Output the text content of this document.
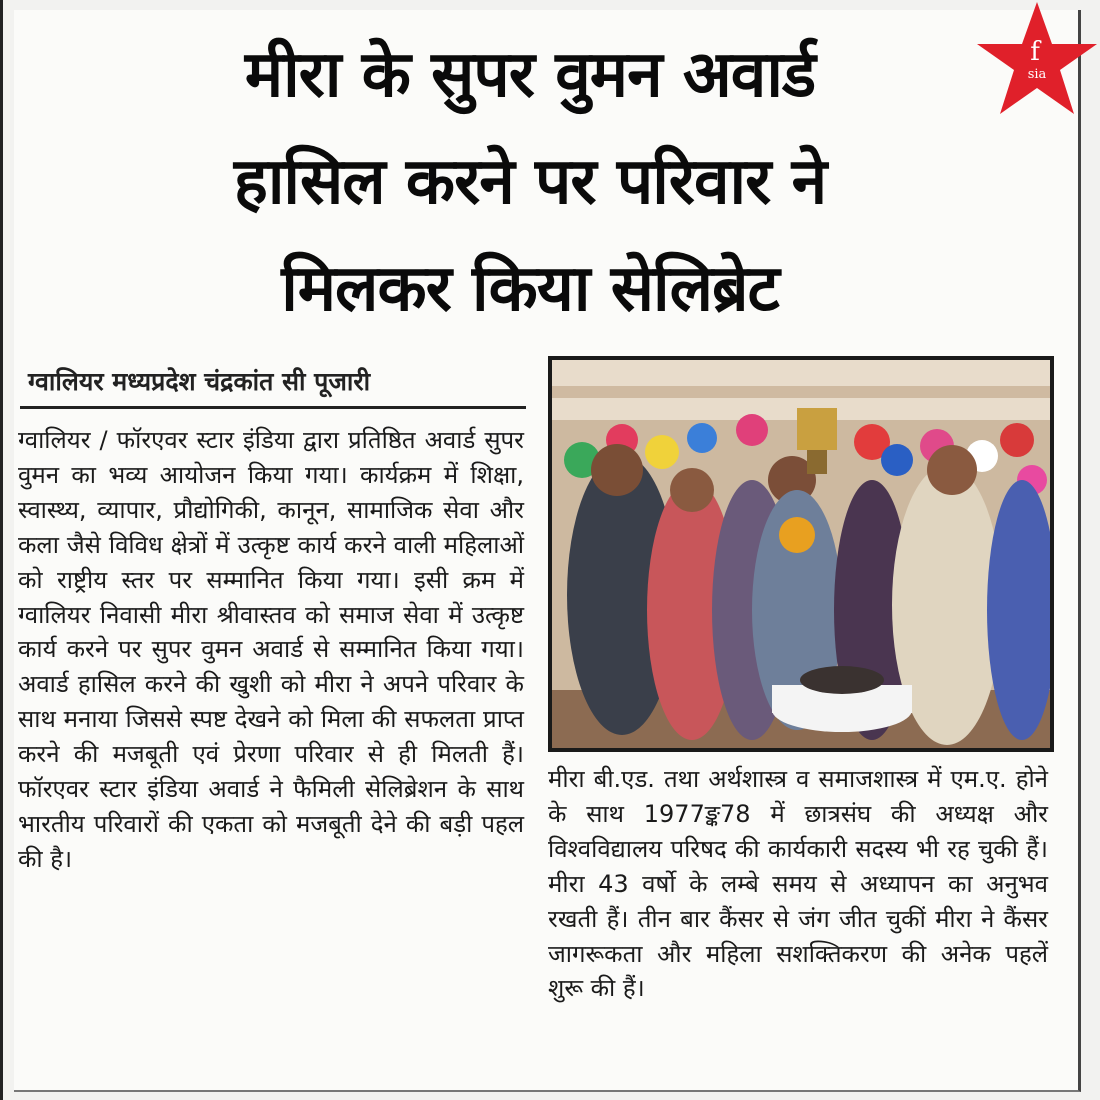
मीरा के सुपर वुमन अवार्ड
हासिल करने पर परिवार ने
मिलकर किया सेलिब्रेट
f
sia
ग्वालियर मध्यप्रदेश चंद्रकांत सी पूजारी

ग्वालियर / फॉरएवर स्टार इंडिया द्वारा प्रतिष्ठित अवार्ड सुपर वुमन का भव्य आयोजन किया गया। कार्यक्रम में शिक्षा, स्वास्थ्य, व्यापार, प्रौद्योगिकी, कानून, सामाजिक सेवा और कला जैसे विविध क्षेत्रों में उत्कृष्ट कार्य करने वाली महिलाओं को राष्ट्रीय स्तर पर सम्मानित किया गया। इसी क्रम में ग्वालियर निवासी मीरा श्रीवास्तव को समाज सेवा में उत्कृष्ट कार्य करने पर सुपर वुमन अवार्ड से सम्मानित किया गया। अवार्ड हासिल करने की खुशी को मीरा ने अपने परिवार के साथ मनाया जिससे स्पष्ट देखने को मिला की सफलता प्राप्त करने की मजबूती एवं प्रेरणा परिवार से ही मिलती हैं। फॉरएवर स्टार इंडिया अवार्ड ने फैमिली सेलिब्रेशन के साथ भारतीय परिवारों की एकता को मजबूती देने की बड़ी पहल की है।

मीरा बी.एड. तथा अर्थशास्त्र व समाजशास्त्र में एम.ए. होने के साथ 1977ङ्क78 में छात्रसंघ की अध्यक्ष और विश्वविद्यालय परिषद की कार्यकारी सदस्य भी रह चुकी हैं। मीरा 43 वर्षो के लम्बे समय से अध्यापन का अनुभव रखती हैं। तीन बार कैंसर से जंग जीत चुकीं मीरा ने कैंसर जागरूकता और महिला सशक्तिकरण की अनेक पहलें शुरू की हैं।
